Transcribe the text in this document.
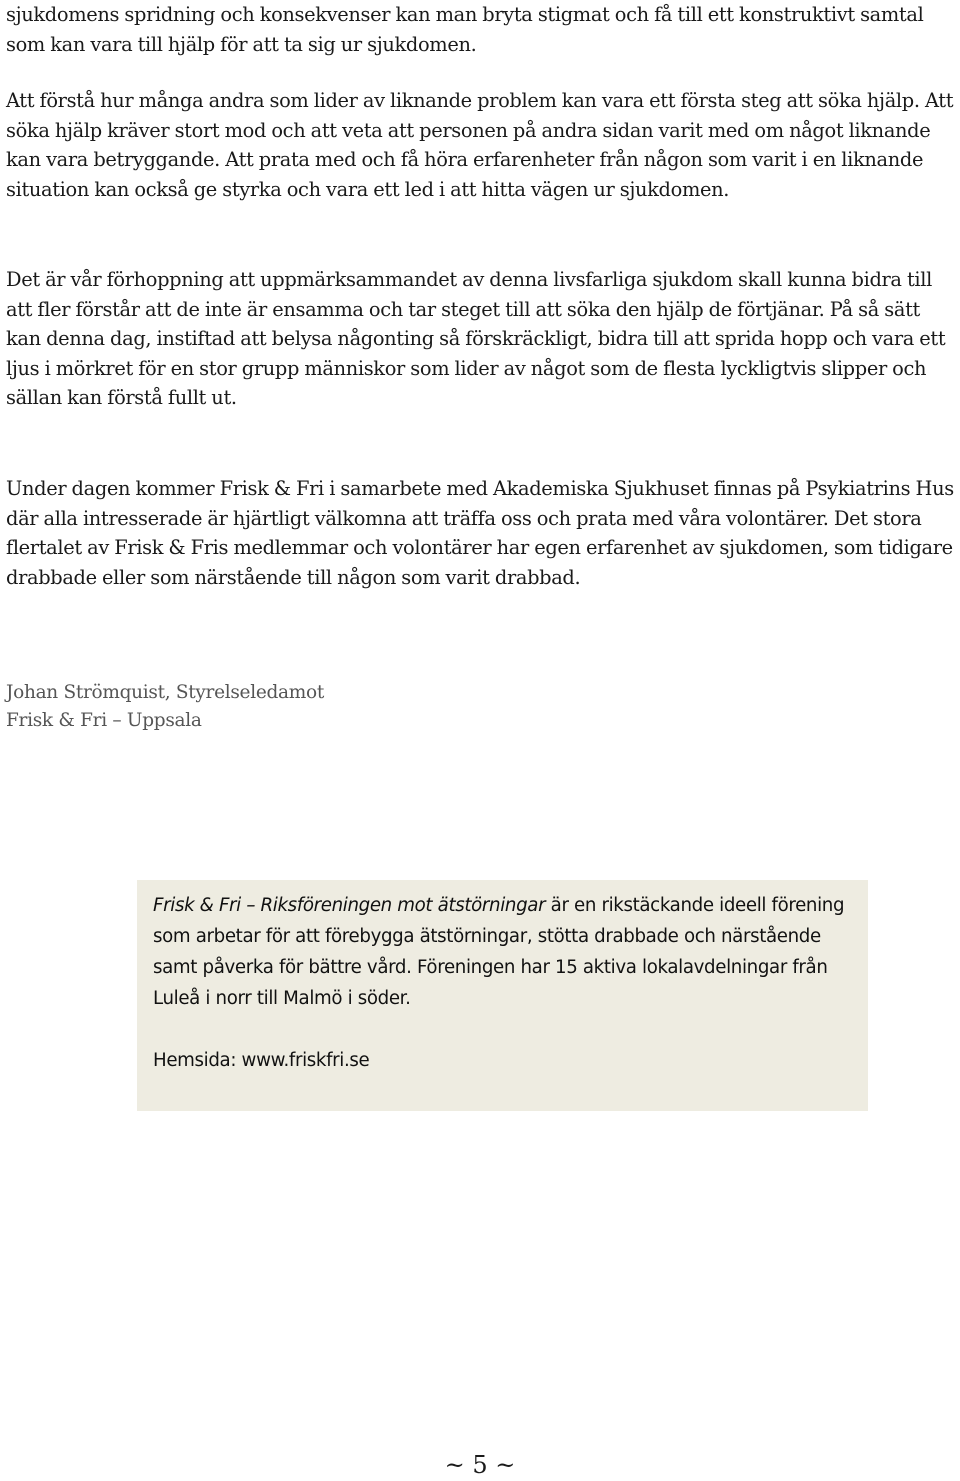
sjukdomens spridning och konsekvenser kan man bryta stigmat och få till ett konstruktivt samtal som kan vara till hjälp för att ta sig ur sjukdomen.

Att förstå hur många andra som lider av liknande problem kan vara ett första steg att söka hjälp. Att söka hjälp kräver stort mod och att veta att personen på andra sidan varit med om något liknande kan vara betryggande. Att prata med och få höra erfarenheter från någon som varit i en liknande situation kan också ge styrka och vara ett led i att hitta vägen ur sjukdomen.

Det är vår förhoppning att uppmärksammandet av denna livsfarliga sjukdom skall kunna bidra till att fler förstår att de inte är ensamma och tar steget till att söka den hjälp de förtjänar. På så sätt kan denna dag, instiftad att belysa någonting så förskräckligt, bidra till att sprida hopp och vara ett ljus i mörkret för en stor grupp människor som lider av något som de flesta lyckligtvis slipper och sällan kan förstå fullt ut.

Under dagen kommer Frisk & Fri i samarbete med Akademiska Sjukhuset finnas på Psykiatrins Hus där alla intresserade är hjärtligt välkomna att träffa oss och prata med våra volontärer. Det stora flertalet av Frisk & Fris medlemmar och volontärer har egen erfarenhet av sjukdomen, som tidigare drabbade eller som närstående till någon som varit drabbad.

Johan Strömquist, Styrelseledamot
Frisk & Fri – Uppsala
Frisk & Fri – Riksföreningen mot ätstörningar är en rikstäckande ideell förening som arbetar för att förebygga ätstörningar, stötta drabbade och närstående samt påverka för bättre vård. Föreningen har 15 aktiva lokalavdelningar från Luleå i norr till Malmö i söder.
Hemsida: www.friskfri.se
~ 5 ~
